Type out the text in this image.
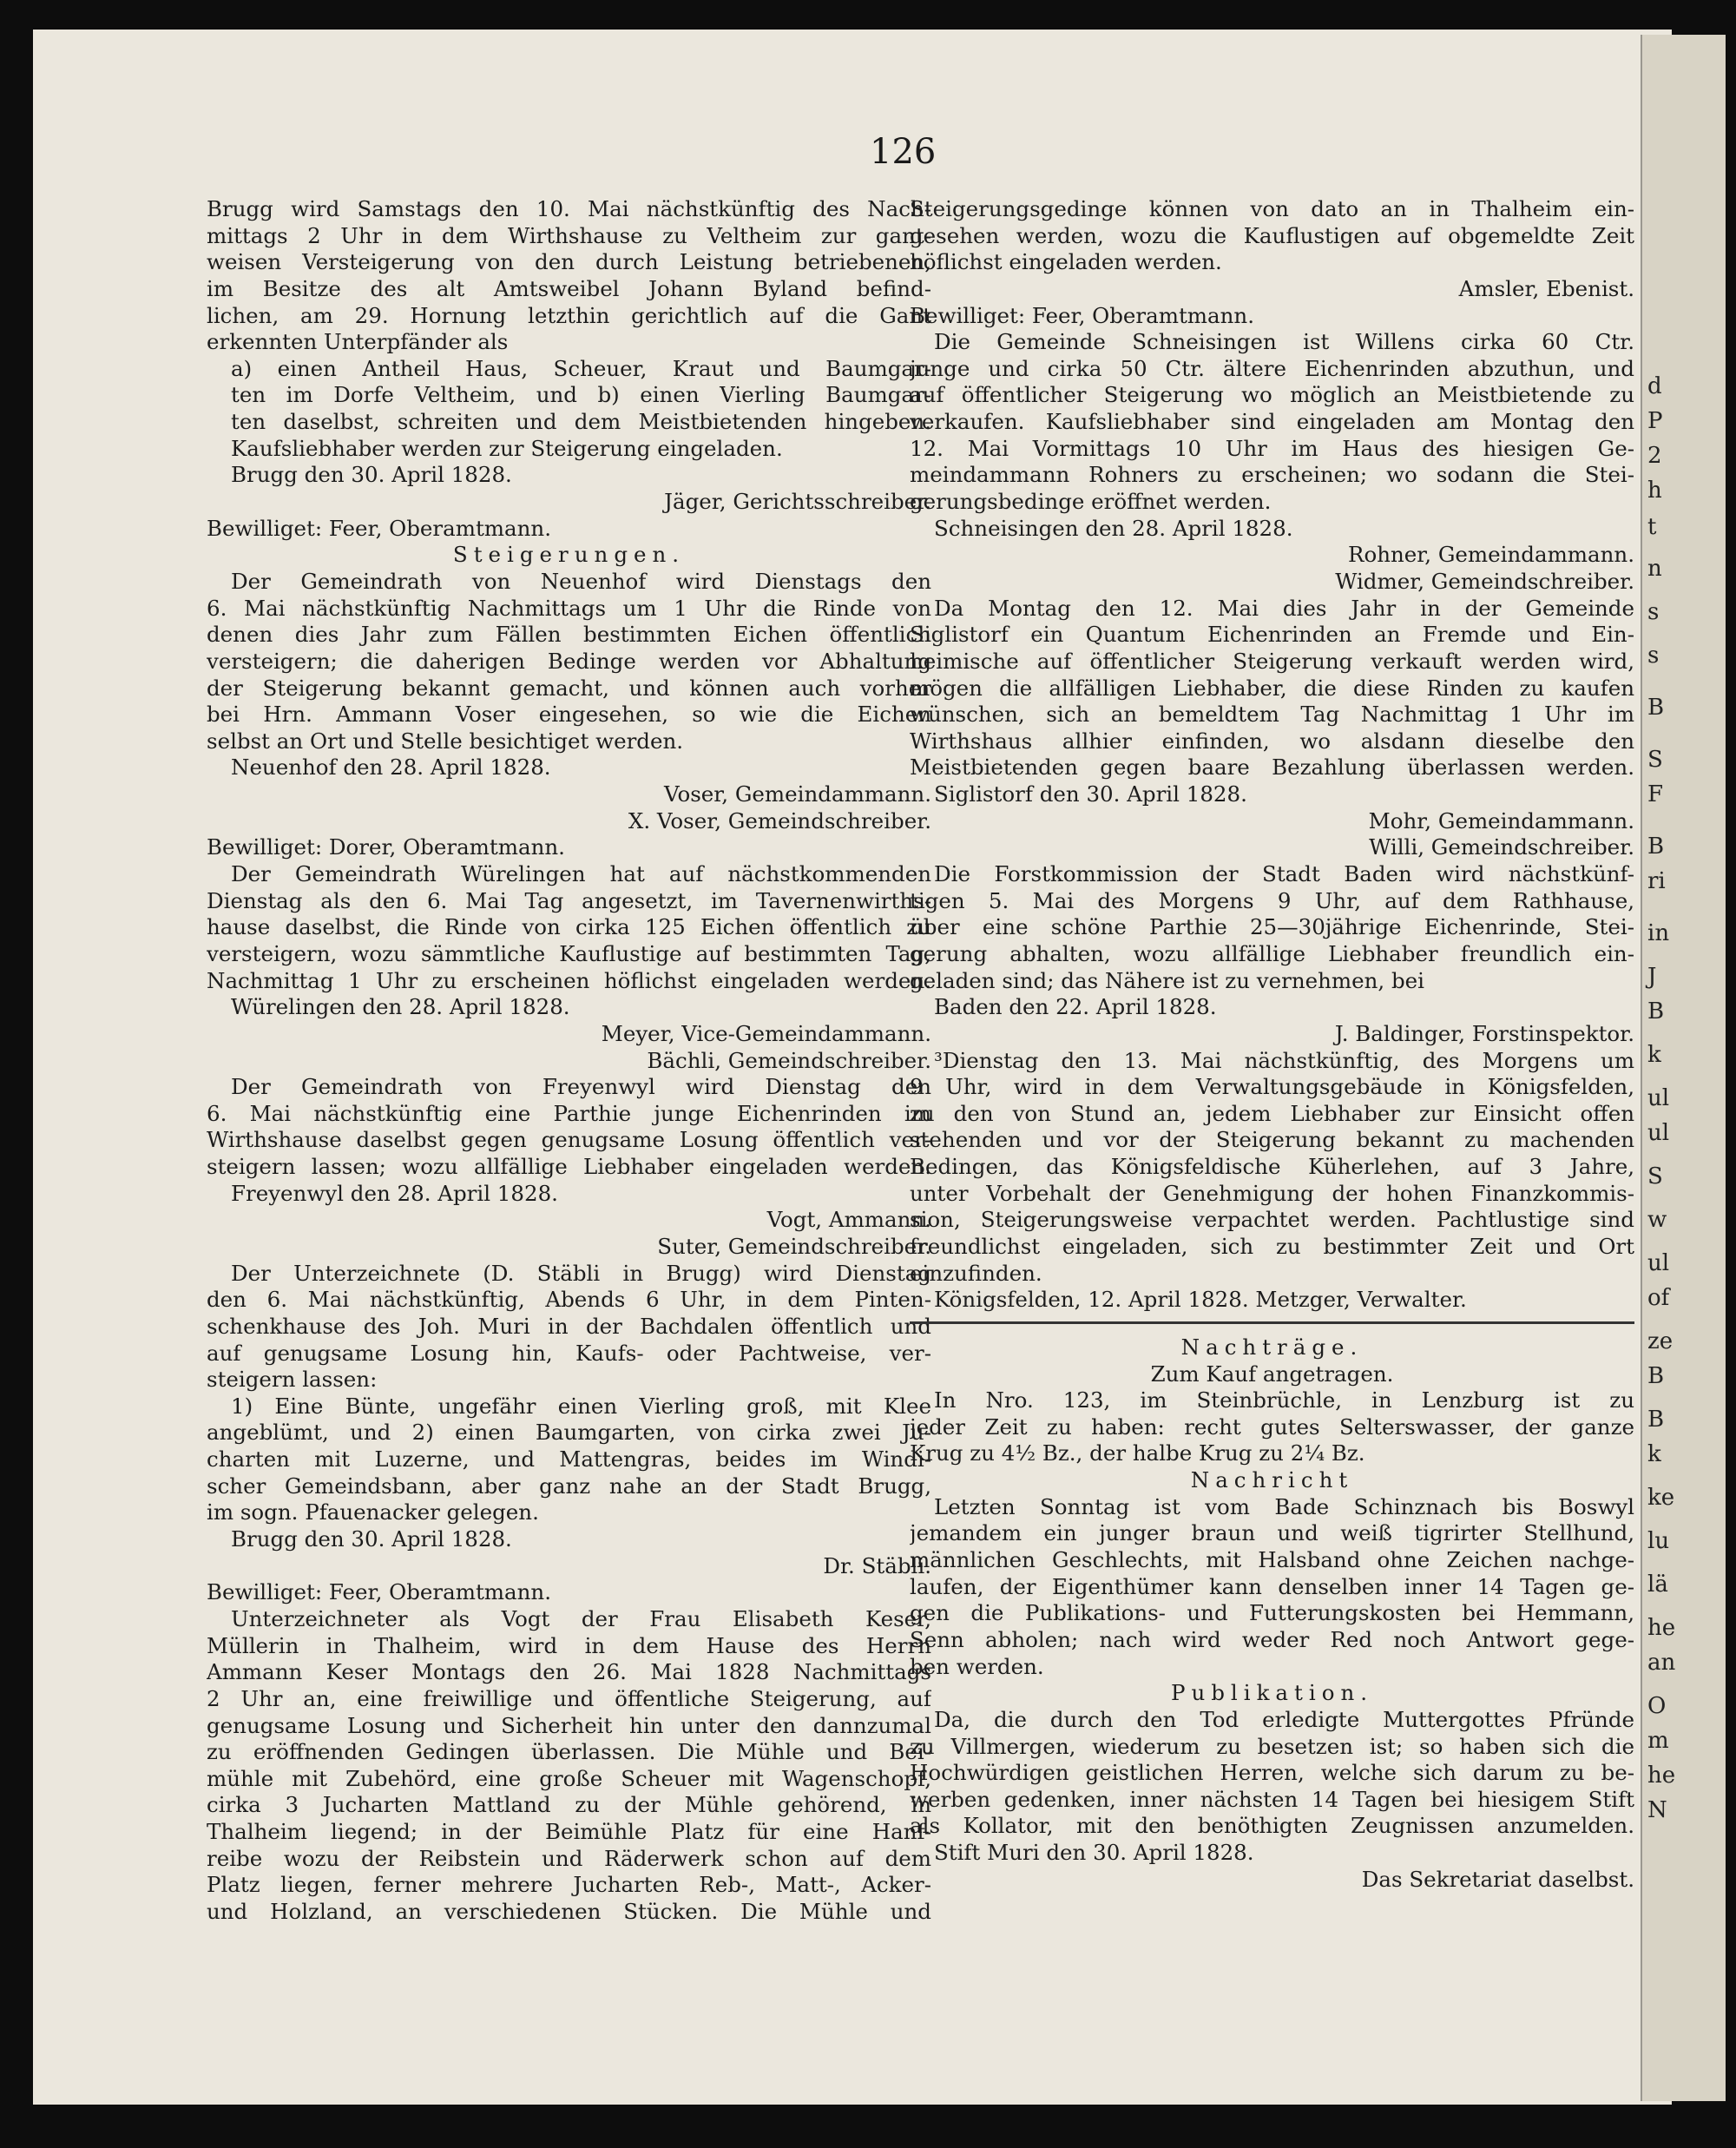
126
Brugg wird Samstags den 10. Mai nächstkünftig des Nach-
mittags 2 Uhr in dem Wirthshause zu Veltheim zur gant-
weisen Versteigerung von den durch Leistung betriebenen,
im Besitze des alt Amtsweibel Johann Byland befind-
lichen, am 29. Hornung letzthin gerichtlich auf die Gant
erkennten Unterpfänder als
a) einen Antheil Haus, Scheuer, Kraut und Baumgar-
ten im Dorfe Veltheim, und b) einen Vierling Baumgar-
ten daselbst, schreiten und dem Meistbietenden hingeben.
Kaufsliebhaber werden zur Steigerung eingeladen.
Brugg den 30. April 1828.
Jäger, Gerichtsschreiber.
Bewilliget: Feer, Oberamtmann.
Steigerungen.
Der Gemeindrath von Neuenhof wird Dienstags den
6. Mai nächstkünftig Nachmittags um 1 Uhr die Rinde von
denen dies Jahr zum Fällen bestimmten Eichen öffentlich
versteigern; die daherigen Bedinge werden vor Abhaltung
der Steigerung bekannt gemacht, und können auch vorher
bei Hrn. Ammann Voser eingesehen, so wie die Eichen
selbst an Ort und Stelle besichtiget werden.
Neuenhof den 28. April 1828.
Voser, Gemeindammann.
X. Voser, Gemeindschreiber.
Bewilliget: Dorer, Oberamtmann.
Der Gemeindrath Würelingen hat auf nächstkommenden
Dienstag als den 6. Mai Tag angesetzt, im Tavernenwirths-
hause daselbst, die Rinde von cirka 125 Eichen öffentlich zu
versteigern, wozu sämmtliche Kauflustige auf bestimmten Tag,
Nachmittag 1 Uhr zu erscheinen höflichst eingeladen werden.
Würelingen den 28. April 1828.
Meyer, Vice-Gemeindammann.
Bächli, Gemeindschreiber.
Der Gemeindrath von Freyenwyl wird Dienstag den
6. Mai nächstkünftig eine Parthie junge Eichenrinden im
Wirthshause daselbst gegen genugsame Losung öffentlich ver-
steigern lassen; wozu allfällige Liebhaber eingeladen werden.
Freyenwyl den 28. April 1828.
Vogt, Ammann.
Suter, Gemeindschreiber.
Der Unterzeichnete (D. Stäbli in Brugg) wird Dienstag
den 6. Mai nächstkünftig, Abends 6 Uhr, in dem Pinten-
schenkhause des Joh. Muri in der Bachdalen öffentlich und
auf genugsame Losung hin, Kaufs- oder Pachtweise, ver-
steigern lassen:
1) Eine Bünte, ungefähr einen Vierling groß, mit Klee
angeblümt, und 2) einen Baumgarten, von cirka zwei Ju-
charten mit Luzerne, und Mattengras, beides im Windi-
scher Gemeindsbann, aber ganz nahe an der Stadt Brugg,
im sogn. Pfauenacker gelegen.
Brugg den 30. April 1828.
Dr. Stäbli.
Bewilliget: Feer, Oberamtmann.
Unterzeichneter als Vogt der Frau Elisabeth Keser,
Müllerin in Thalheim, wird in dem Hause des Herrn
Ammann Keser Montags den 26. Mai 1828 Nachmittags
2 Uhr an, eine freiwillige und öffentliche Steigerung, auf
genugsame Losung und Sicherheit hin unter den dannzumal
zu eröffnenden Gedingen überlassen. Die Mühle und Bei-
mühle mit Zubehörd, eine große Scheuer mit Wagenschopf,
cirka 3 Jucharten Mattland zu der Mühle gehörend, in
Thalheim liegend; in der Beimühle Platz für eine Hanf-
reibe wozu der Reibstein und Räderwerk schon auf dem
Platz liegen, ferner mehrere Jucharten Reb-, Matt-, Acker-
und Holzland, an verschiedenen Stücken. Die Mühle und
Steigerungsgedinge können von dato an in Thalheim ein-
gesehen werden, wozu die Kauflustigen auf obgemeldte Zeit
höflichst eingeladen werden.
Amsler, Ebenist.
Bewilliget: Feer, Oberamtmann.
Die Gemeinde Schneisingen ist Willens cirka 60 Ctr.
junge und cirka 50 Ctr. ältere Eichenrinden abzuthun, und
auf öffentlicher Steigerung wo möglich an Meistbietende zu
verkaufen. Kaufsliebhaber sind eingeladen am Montag den
12. Mai Vormittags 10 Uhr im Haus des hiesigen Ge-
meindammann Rohners zu erscheinen; wo sodann die Stei-
gerungsbedinge eröffnet werden.
Schneisingen den 28. April 1828.
Rohner, Gemeindammann.
Widmer, Gemeindschreiber.
Da Montag den 12. Mai dies Jahr in der Gemeinde
Siglistorf ein Quantum Eichenrinden an Fremde und Ein-
heimische auf öffentlicher Steigerung verkauft werden wird,
mögen die allfälligen Liebhaber, die diese Rinden zu kaufen
wünschen, sich an bemeldtem Tag Nachmittag 1 Uhr im
Wirthshaus allhier einfinden, wo alsdann dieselbe den
Meistbietenden gegen baare Bezahlung überlassen werden.
Siglistorf den 30. April 1828.
Mohr, Gemeindammann.
Willi, Gemeindschreiber.
Die Forstkommission der Stadt Baden wird nächstkünf-
tigen 5. Mai des Morgens 9 Uhr, auf dem Rathhause,
über eine schöne Parthie 25—30jährige Eichenrinde, Stei-
gerung abhalten, wozu allfällige Liebhaber freundlich ein-
geladen sind; das Nähere ist zu vernehmen, bei
Baden den 22. April 1828.
J. Baldinger, Forstinspektor.
³Dienstag den 13. Mai nächstkünftig, des Morgens um
9 Uhr, wird in dem Verwaltungsgebäude in Königsfelden,
zu den von Stund an, jedem Liebhaber zur Einsicht offen
stehenden und vor der Steigerung bekannt zu machenden
Bedingen, das Königsfeldische Küherlehen, auf 3 Jahre,
unter Vorbehalt der Genehmigung der hohen Finanzkommis-
sion, Steigerungsweise verpachtet werden. Pachtlustige sind
freundlichst eingeladen, sich zu bestimmter Zeit und Ort
einzufinden.
Königsfelden, 12. April 1828. Metzger, Verwalter.
Nachträge.
Zum Kauf angetragen.
In Nro. 123, im Steinbrüchle, in Lenzburg ist zu
jeder Zeit zu haben: recht gutes Selterswasser, der ganze
Krug zu 4½ Bz., der halbe Krug zu 2¼ Bz.
Nachricht
Letzten Sonntag ist vom Bade Schinznach bis Boswyl
jemandem ein junger braun und weiß tigrirter Stellhund,
männlichen Geschlechts, mit Halsband ohne Zeichen nachge-
laufen, der Eigenthümer kann denselben inner 14 Tagen ge-
gen die Publikations- und Futterungskosten bei Hemmann,
Senn abholen; nach wird weder Red noch Antwort gege-
ben werden.
Publikation.
Da, die durch den Tod erledigte Muttergottes Pfründe
zu Villmergen, wiederum zu besetzen ist; so haben sich die
Hochwürdigen geistlichen Herren, welche sich darum zu be-
werben gedenken, inner nächsten 14 Tagen bei hiesigem Stift
als Kollator, mit den benöthigten Zeugnissen anzumelden.
Stift Muri den 30. April 1828.
Das Sekretariat daselbst.
d
P
2
h
t
n
s
s
B
S
F
B
ri
in
J
B
k
ul
ul
S
w
ul
of
ze
B
B
k
ke
lu
lä
he
an
O
m
he
N
